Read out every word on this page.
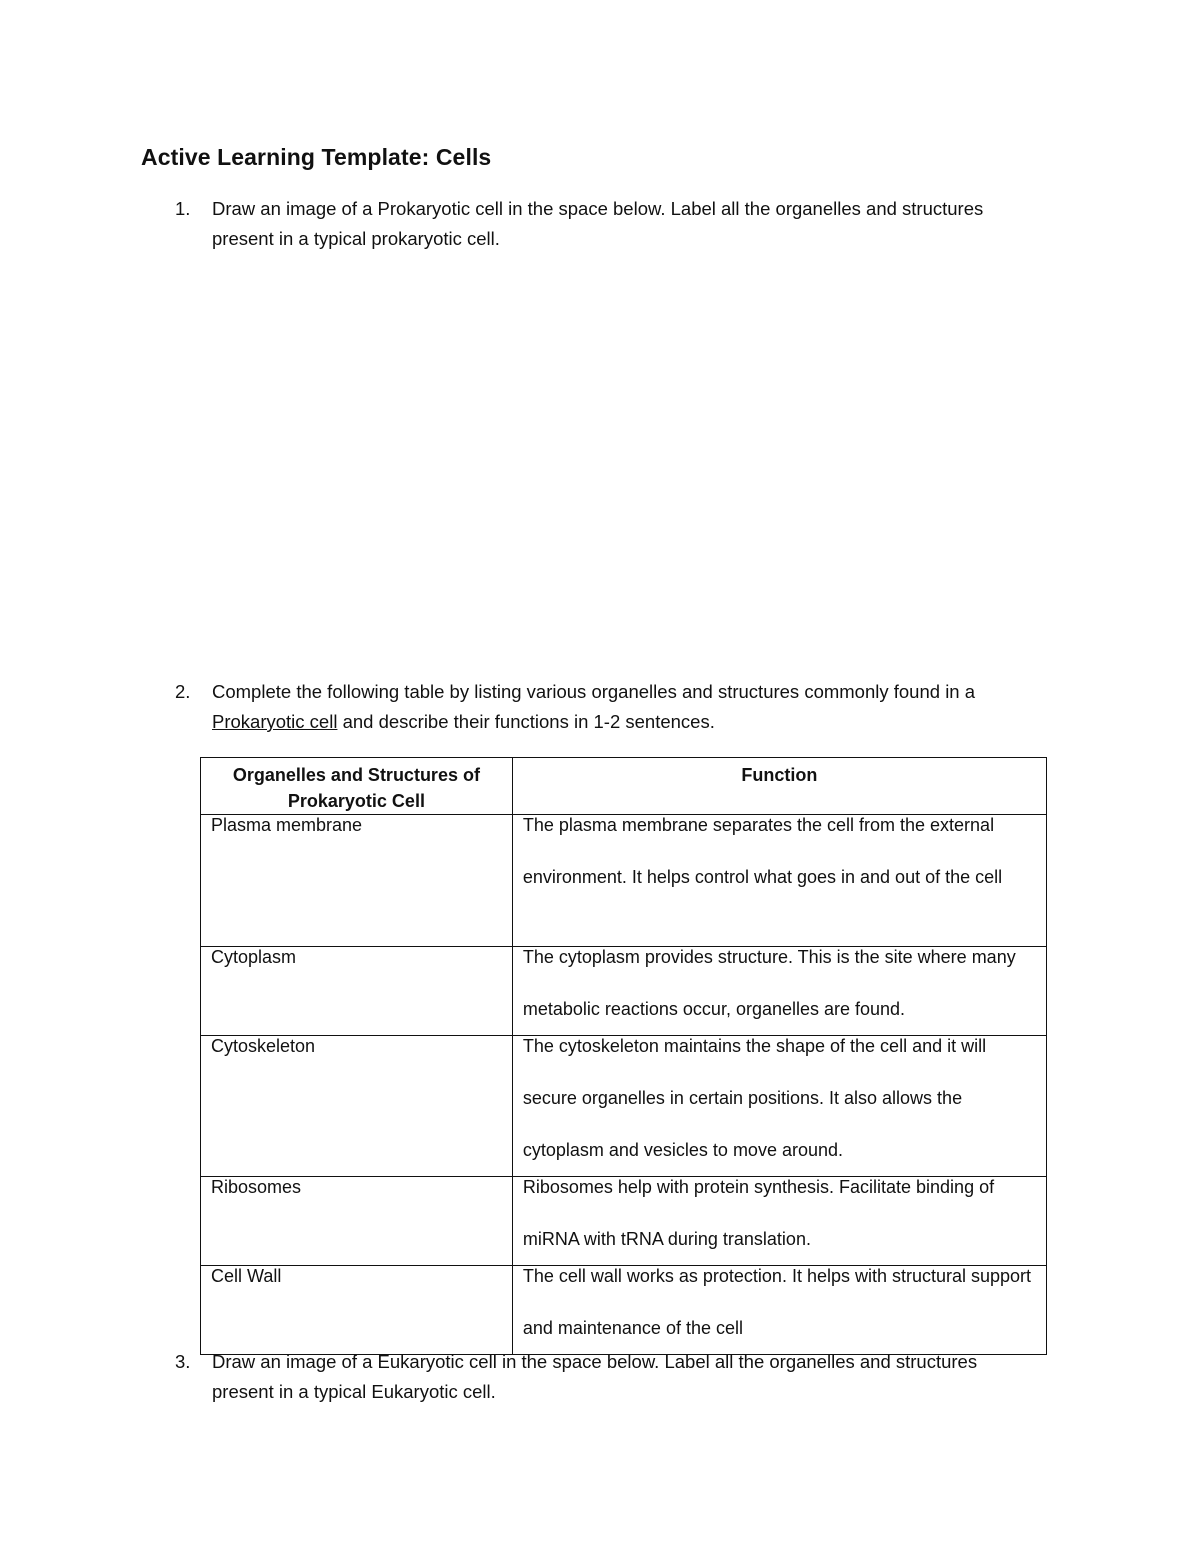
Active Learning Template: Cells
1. Draw an image of a Prokaryotic cell in the space below. Label all the organelles and structures
present in a typical prokaryotic cell.
2. Complete the following table by listing various organelles and structures commonly found in a
Prokaryotic cell and describe their functions in 1-2 sentences.
Organelles and Structures of Prokaryotic Cell	Function

Plasma membrane	The plasma membrane separates the cell from the external environment. It helps control what goes in and out of the cell

Cytoplasm	The cytoplasm provides structure. This is the site where many metabolic reactions occur, organelles are found.

Cytoskeleton	The cytoskeleton maintains the shape of the cell and it will secure organelles in certain positions. It also allows the cytoplasm and vesicles to move around.

Ribosomes	Ribosomes help with protein synthesis. Facilitate binding of miRNA with tRNA during translation.

Cell Wall	The cell wall works as protection. It helps with structural support and maintenance of the cell
3. Draw an image of a Eukaryotic cell in the space below. Label all the organelles and structures
present in a typical Eukaryotic cell.
